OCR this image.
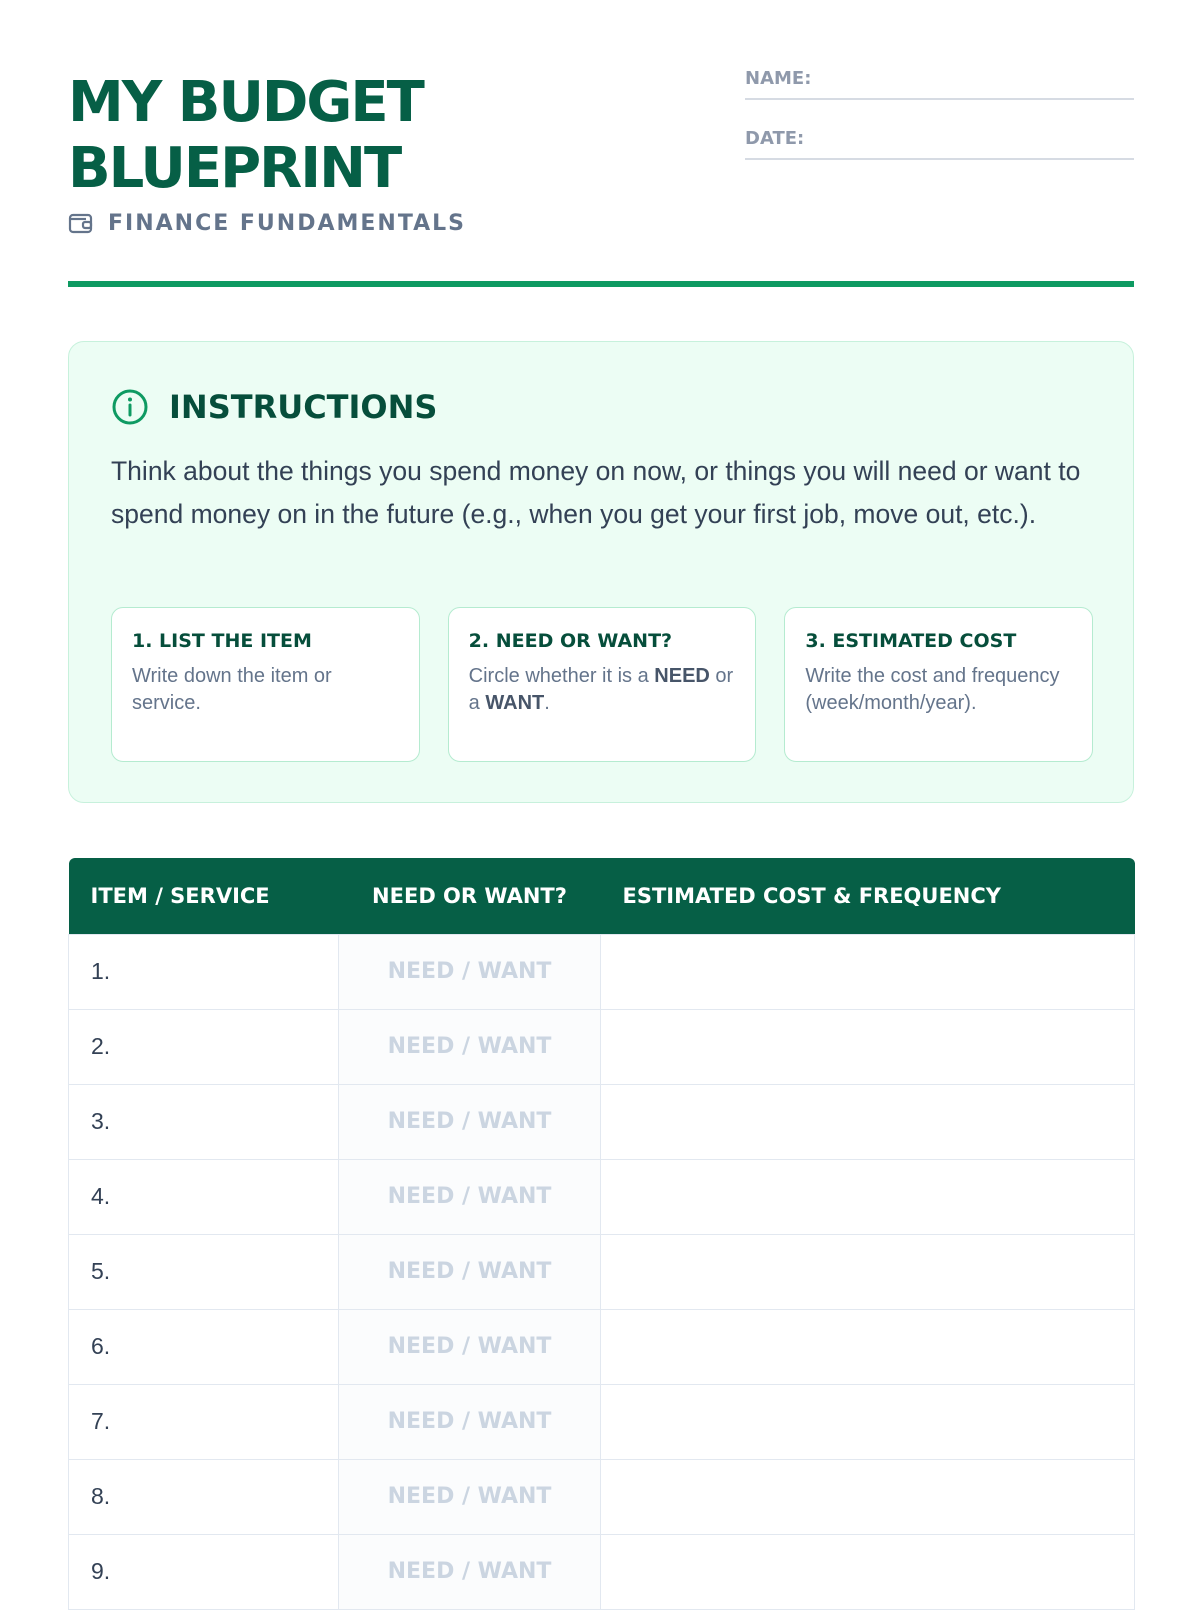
MY BUDGET
BLUEPRINT
FINANCE FUNDAMENTALS
NAME:
DATE:
INSTRUCTIONS

Think about the things you spend money on now, or things you will need or want to spend money on in the future (e.g., when you get your first job, move out, etc.).

1. LIST THE ITEM
Write down the item or service.
2. NEED OR WANT?
Circle whether it is a NEED or a WANT.
3. ESTIMATED COST
Write the cost and frequency (week/month/year).
ITEM / SERVICE	NEED OR WANT?	ESTIMATED COST & FREQUENCY
1.	NEED / WANT	
2.	NEED / WANT	
3.	NEED / WANT	
4.	NEED / WANT	
5.	NEED / WANT	
6.	NEED / WANT	
7.	NEED / WANT	
8.	NEED / WANT	
9.	NEED / WANT	
